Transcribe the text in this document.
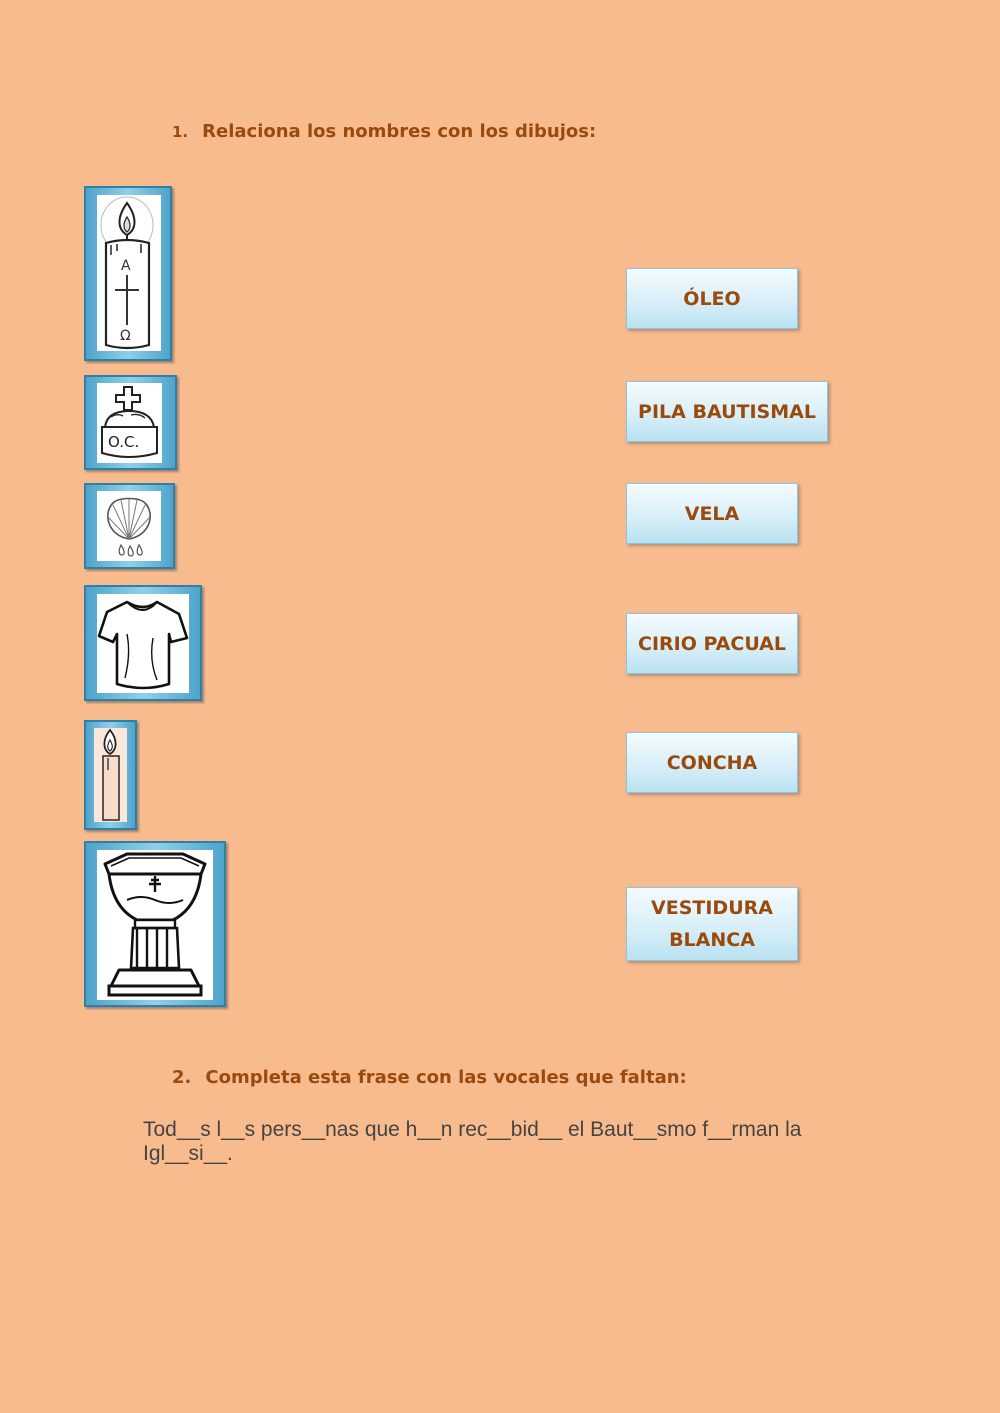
1. Relaciona los nombres con los dibujos:
A
Ω
O.C.
ÓLEO
PILA BAUTISMAL
VELA
CIRIO PACUAL
CONCHA
VESTIDURA BLANCA
2. Completa esta frase con las vocales que faltan:
Tod__s l__s pers__nas que h__n rec__bid__ el Baut__smo f__rman la Igl__si__.
